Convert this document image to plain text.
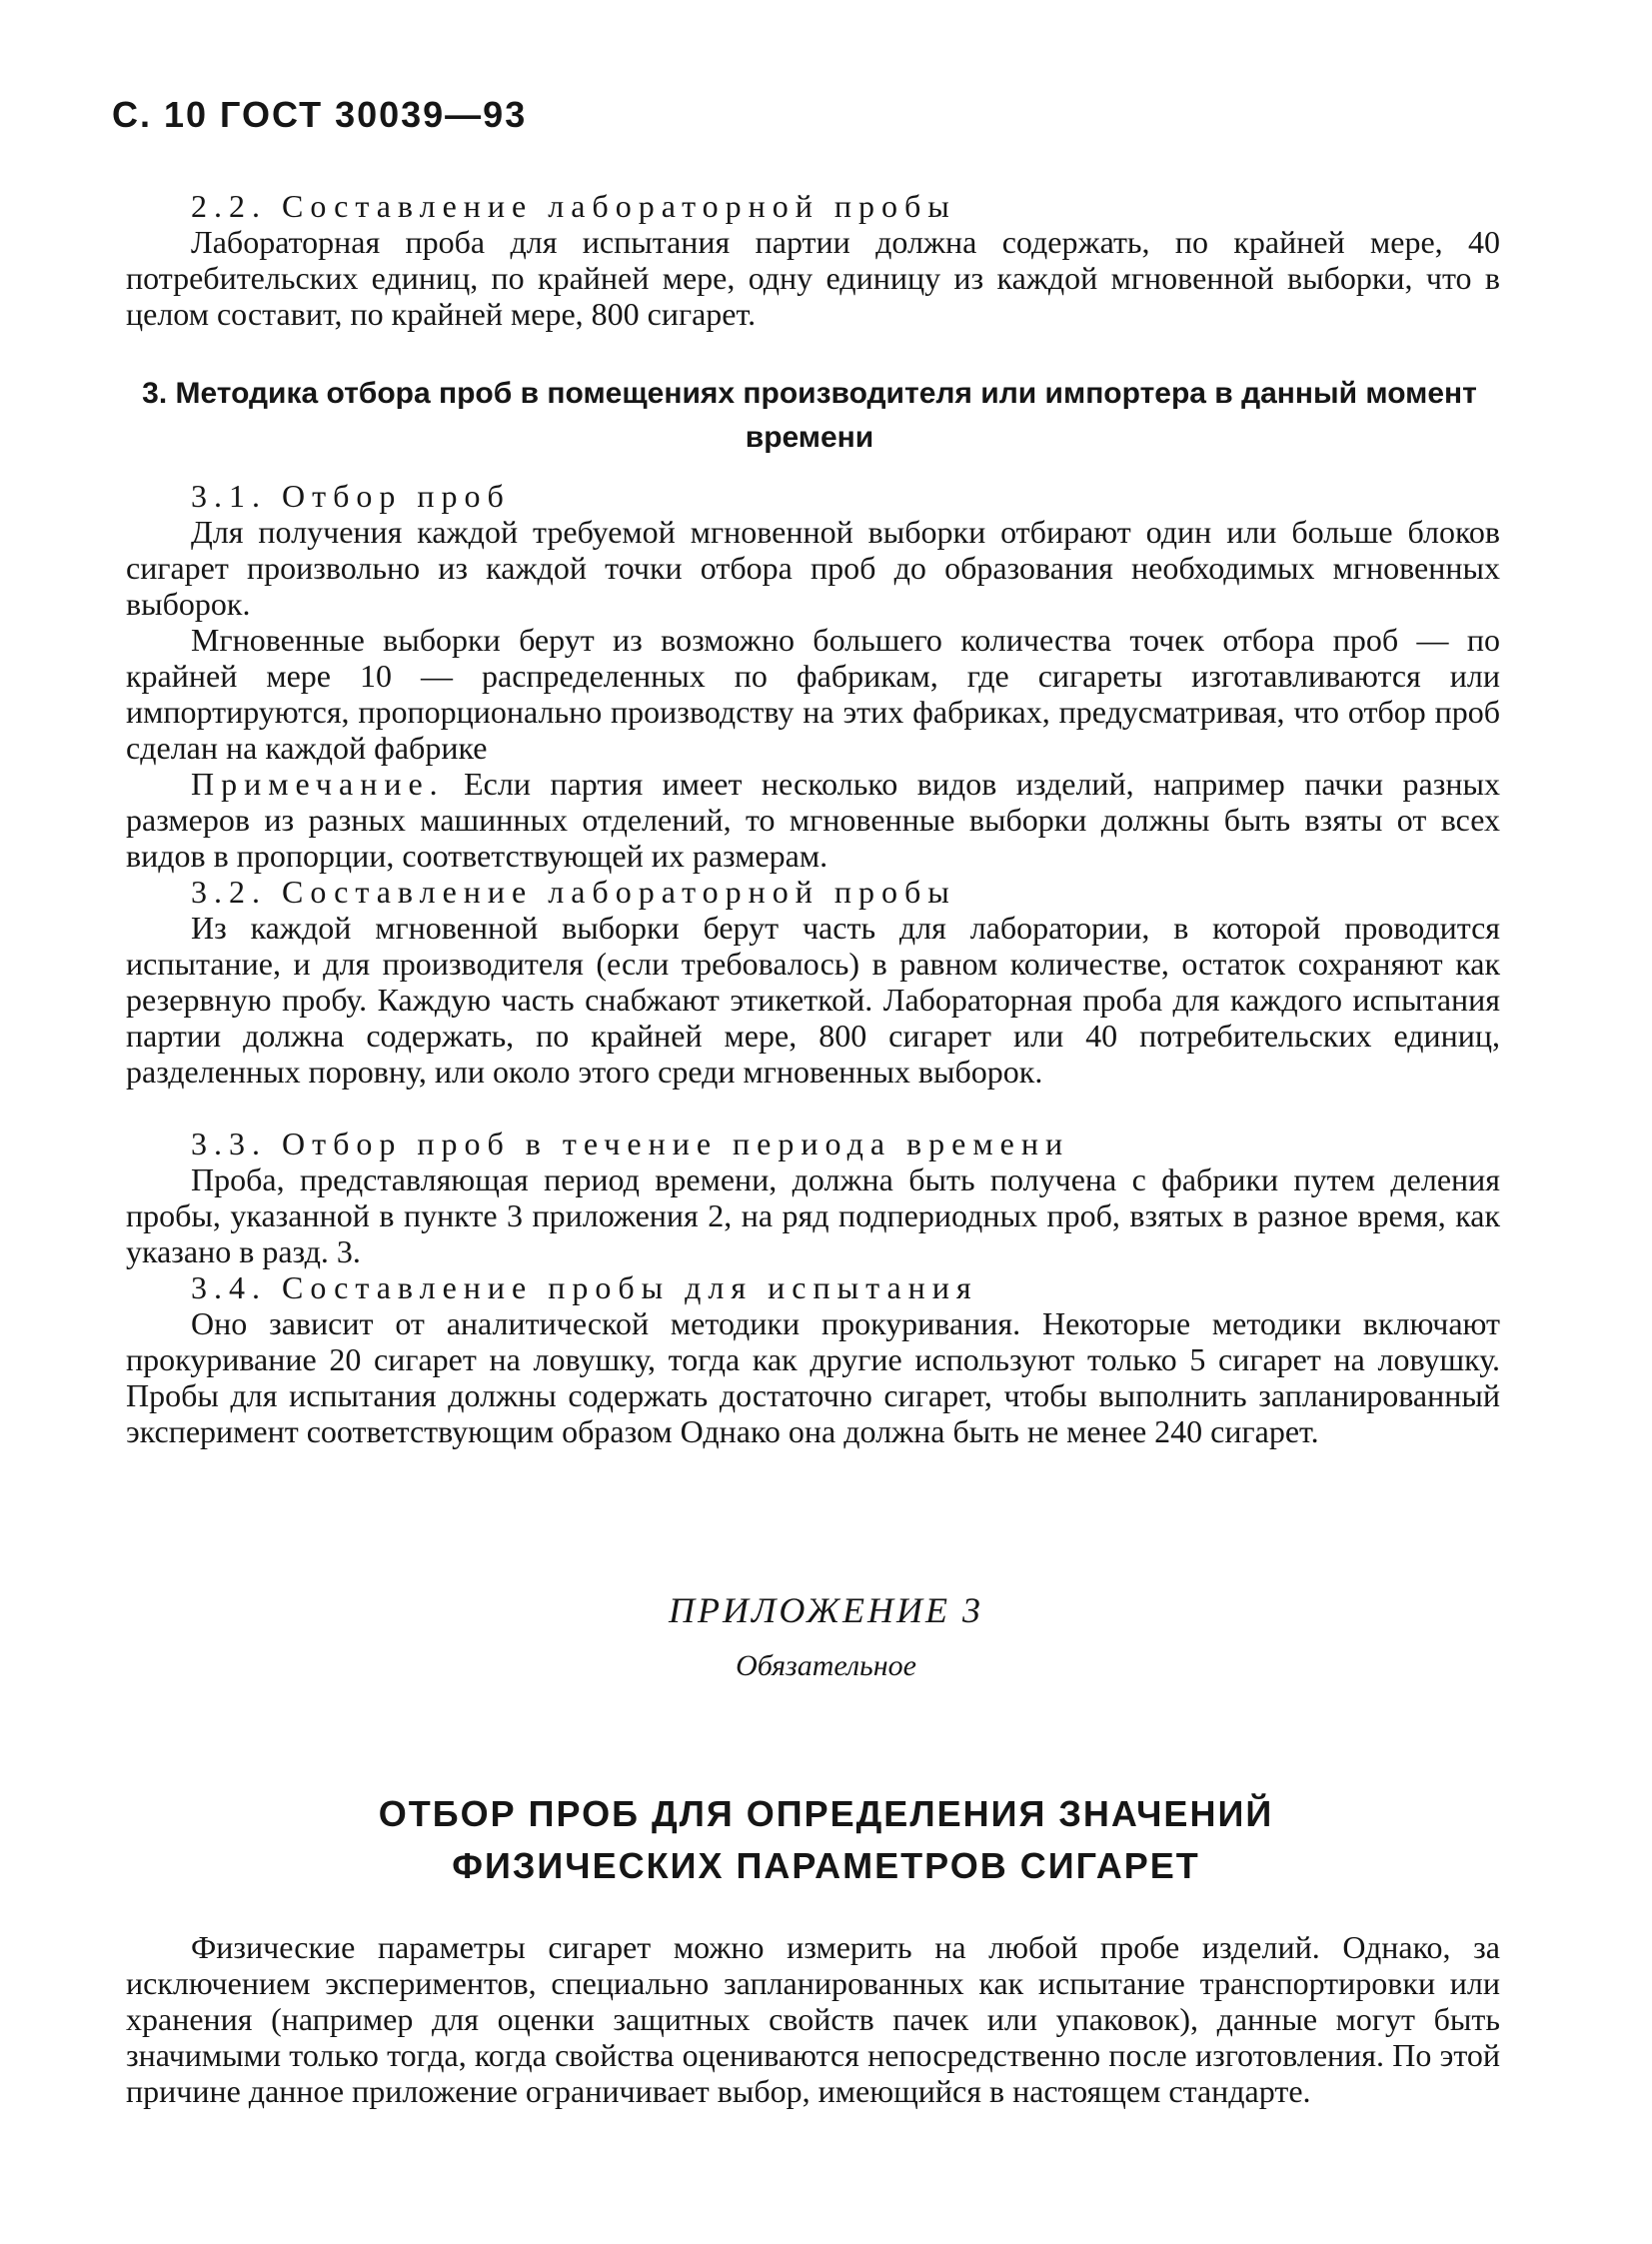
С. 10 ГОСТ 30039—93

2.2. Составление лабораторной пробы

Лабораторная проба для испытания партии должна содержать, по крайней мере, 40 потребительских единиц, по крайней мере, одну единицу из каждой мгновенной выборки, что в целом составит, по крайней мере, 800 сигарет.

3. Методика отбора проб в помещениях производителя или импортера в данный момент времени

3.1. Отбор проб

Для получения каждой требуемой мгновенной выборки отбирают один или больше блоков сигарет произвольно из каждой точки отбора проб до образования необходимых мгновенных выборок.

Мгновенные выборки берут из возможно большего количества точек отбора проб — по крайней мере 10 — распределенных по фабрикам, где сигареты изготавливаются или импортируются, пропорционально производству на этих фабриках, предусматривая, что отбор проб сделан на каждой фабрике

Примечание. Если партия имеет несколько видов изделий, например пачки разных размеров из разных машинных отделений, то мгновенные выборки должны быть взяты от всех видов в пропорции, соответствующей их размерам.

3.2. Составление лабораторной пробы

Из каждой мгновенной выборки берут часть для лаборатории, в которой проводится испытание, и для производителя (если требовалось) в равном количестве, остаток сохраняют как резервную пробу. Каждую часть снабжают этикеткой. Лабораторная проба для каждого испытания партии должна содержать, по крайней мере, 800 сигарет или 40 потребительских единиц, разделенных поровну, или около этого среди мгновенных выборок.

3.3. Отбор проб в течение периода времени

Проба, представляющая период времени, должна быть получена с фабрики путем деления пробы, указанной в пункте 3 приложения 2, на ряд подпериодных проб, взятых в разное время, как указано в разд. 3.

3.4. Составление пробы для испытания

Оно зависит от аналитической методики прокуривания. Некоторые методики включают прокуривание 20 сигарет на ловушку, тогда как другие используют только 5 сигарет на ловушку. Пробы для испытания должны содержать достаточно сигарет, чтобы выполнить запланированный эксперимент соответствующим образом Однако она должна быть не менее 240 сигарет.

ПРИЛОЖЕНИЕ 3
Обязательное
ОТБОР ПРОБ ДЛЯ ОПРЕДЕЛЕНИЯ ЗНАЧЕНИЙ
ФИЗИЧЕСКИХ ПАРАМЕТРОВ СИГАРЕТ

Физические параметры сигарет можно измерить на любой пробе изделий. Однако, за исключением экспериментов, специально запланированных как испытание транспортировки или хранения (например для оценки защитных свойств пачек или упаковок), данные могут быть значимыми только тогда, когда свойства оцениваются непосредственно после изготовления. По этой причине данное приложение ограничивает выбор, имеющийся в настоящем стандарте.
